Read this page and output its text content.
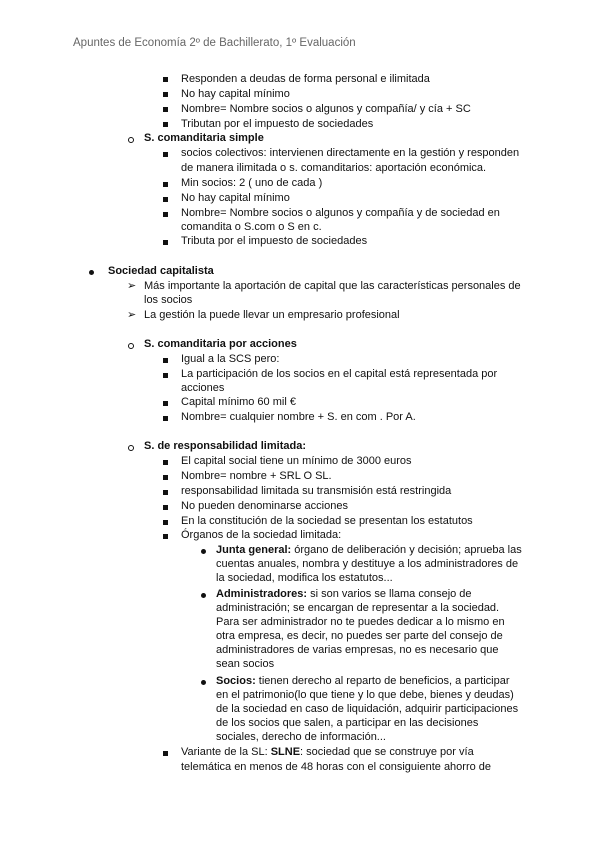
Apuntes de Economía 2º de Bachillerato, 1º Evaluación
Responden a deudas de forma personal e ilimitada
No hay capital mínimo
Nombre= Nombre socios o algunos y compañía/ y cía + SC
Tributan por el impuesto de sociedades
S. comanditaria simple
socios colectivos: intervienen directamente en la gestión y responden
de manera ilimitada o s. comanditarios: aportación económica.
Min socios: 2 ( uno de cada )
No hay capital mínimo
Nombre= Nombre socios o algunos y compañía y de sociedad en
comandita o S.com o S en c.
Tributa por el impuesto de sociedades
Sociedad capitalista
➢ Más importante la aportación de capital que las características personales de
los socios
➢ La gestión la puede llevar un empresario profesional
S. comanditaria por acciones
Igual a la SCS pero:
La participación de los socios en el capital está representada por
acciones
Capital mínimo 60 mil €
Nombre= cualquier nombre + S. en com . Por A.
S. de responsabilidad limitada:
El capital social tiene un mínimo de 3000 euros
Nombre= nombre + SRL O SL.
responsabilidad limitada su transmisión está restringida
No pueden denominarse acciones
En la constitución de la sociedad se presentan los estatutos
Órganos de la sociedad limitada:
Junta general: órgano de deliberación y decisión; aprueba las
cuentas anuales, nombra y destituye a los administradores de
la sociedad, modifica los estatutos...
Administradores: si son varios se llama consejo de
administración; se encargan de representar a la sociedad.
Para ser administrador no te puedes dedicar a lo mismo en
otra empresa, es decir, no puedes ser parte del consejo de
administradores de varias empresas, no es necesario que
sean socios
Socios: tienen derecho al reparto de beneficios, a participar
en el patrimonio(lo que tiene y lo que debe, bienes y deudas)
de la sociedad en caso de liquidación, adquirir participaciones
de los socios que salen, a participar en las decisiones
sociales, derecho de información...
Variante de la SL: SLNE: sociedad que se construye por vía
telemática en menos de 48 horas con el consiguiente ahorro de
